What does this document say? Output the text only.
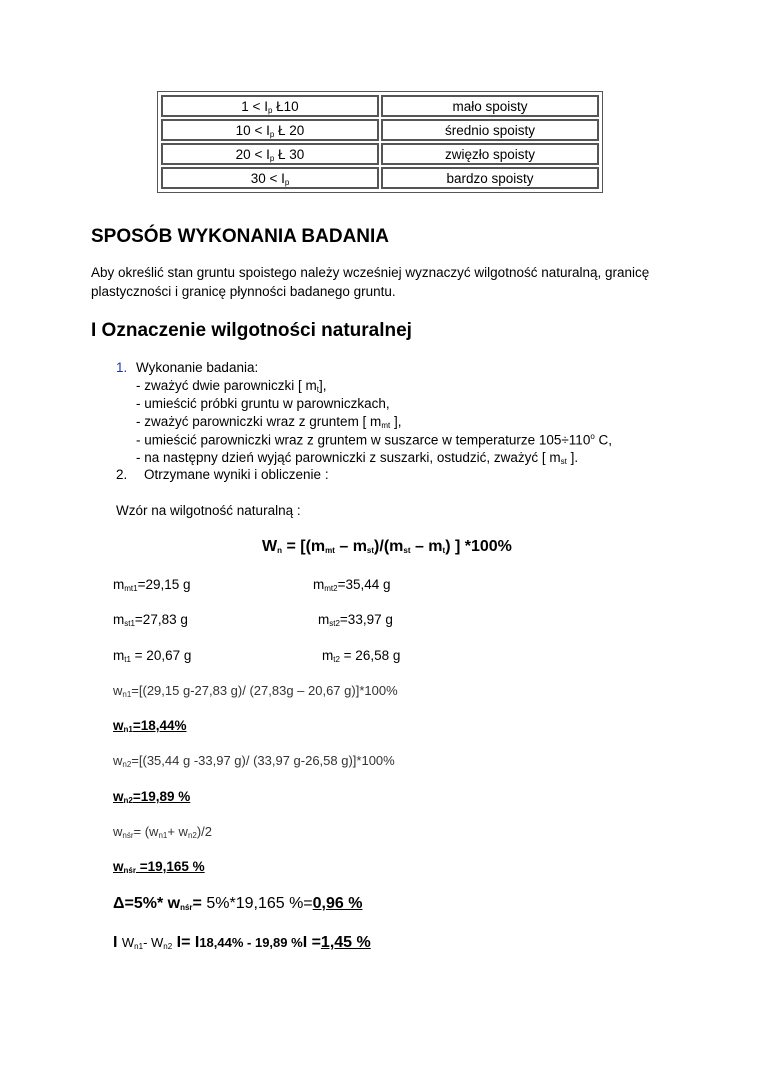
$1 < I_p$ Ł10	mało spoisty
$10 < I_p$ Ł 20	średnio spoisty
$20 < I_p$ Ł 30	zwięzło spoisty
$30 < I_p$	bardzo spoisty
SPOSÓB WYKONANIA BADANIA
Aby określić stan gruntu spoistego należy wcześniej wyznaczyć wilgotność naturalną, granicę
plastyczności i granicę płynności badanego gruntu.
I Oznaczenie wilgotności naturalnej
1. Wykonanie badania:
- zważyć dwie parowniczki [ $m_t$],
- umieścić próbki gruntu w parowniczkach,
- zważyć parowniczki wraz z gruntem [ $m_{mt}$ ],
- umieścić parowniczki wraz z gruntem w suszarce w temperaturze $105\div 110^o$ C,
- na następny dzień wyjąć parowniczki z suszarki, ostudzić, zważyć [ $m_{st}$ ].
2. Otrzymane wyniki i obliczenie :
Wzór na wilgotność naturalną :
$W_n = [(m_{mt} - m_{st})/(m_{st} - m_t)$ ] *100%
$m_{mt1}=29,15$ g	$m_{mt2}=35,44$ g
$m_{st1}=27,83$ g	$m_{st2}=33,97$ g
$m_{t1} = 20,67$ g	$m_{t2} = 26,58$ g
$w_{n1}=[(29,15$ g-27,83 g)/ (27,83g – 20,67 g)]*100%
$w_{n1}=18,44\%$
$w_{n2}=[(35,44$ g -33,97 g)/ (33,97 g-26,58 g)]*100%
$w_{n2}=19,89$ %
$w_{nśr}= (w_{n1}+ w_{n2})/2$
$w_{nśr} =19,165$ %
Δ=5%* $w_{nśr}= 5\%*19,165$ %=0,96 %
I $W_{n1}-$ $W_{n2}$ I= I18,44% - 19,89 %I =1,45 %
